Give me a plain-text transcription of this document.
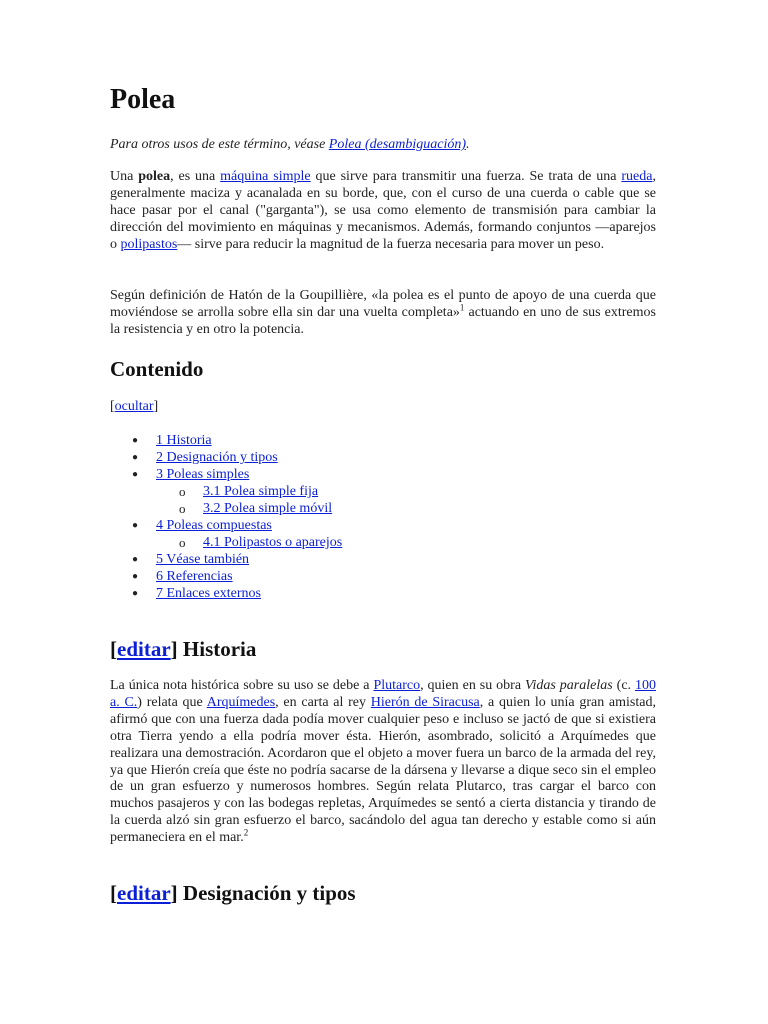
Polea

Para otros usos de este término, véase Polea (desambiguación).

Una polea, es una máquina simple que sirve para transmitir una fuerza. Se trata de una rueda, generalmente maciza y acanalada en su borde, que, con el curso de una cuerda o cable que se hace pasar por el canal ("garganta"), se usa como elemento de transmisión para cambiar la dirección del movimiento en máquinas y mecanismos. Además, formando conjuntos —aparejos o polipastos— sirve para reducir la magnitud de la fuerza necesaria para mover un peso.

Según definición de Hatón de la Goupillière, «la polea es el punto de apoyo de una cuerda que moviéndose se arrolla sobre ella sin dar una vuelta completa»$^1$ actuando en uno de sus extremos la resistencia y en otro la potencia.

Contenido
[ocultar]
● 1 Historia
● 2 Designación y tipos
● 3 Poleas simples
o 3.1 Polea simple fija
o 3.2 Polea simple móvil
● 4 Poleas compuestas
o 4.1 Polipastos o aparejos
● 5 Véase también
● 6 Referencias
● 7 Enlaces externos
[editar] Historia

La única nota histórica sobre su uso se debe a Plutarco, quien en su obra Vidas paralelas (c. 100 a. C.) relata que Arquímedes, en carta al rey Hierón de Siracusa, a quien lo unía gran amistad, afirmó que con una fuerza dada podía mover cualquier peso e incluso se jactó de que si existiera otra Tierra yendo a ella podría mover ésta. Hierón, asombrado, solicitó a Arquímedes que realizara una demostración. Acordaron que el objeto a mover fuera un barco de la armada del rey, ya que Hierón creía que éste no podría sacarse de la dársena y llevarse a dique seco sin el empleo de un gran esfuerzo y numerosos hombres. Según relata Plutarco, tras cargar el barco con muchos pasajeros y con las bodegas repletas, Arquímedes se sentó a cierta distancia y tirando de la cuerda alzó sin gran esfuerzo el barco, sacándolo del agua tan derecho y estable como si aún permaneciera en el mar.$^2$

[editar] Designación y tipos
